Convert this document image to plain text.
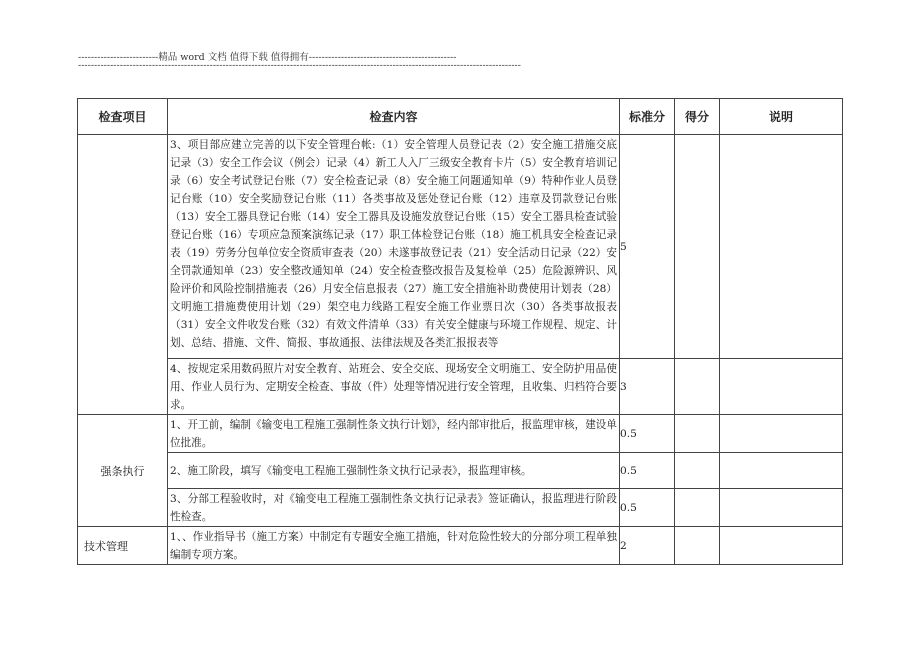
-------------------------精品 word 文档 值得下载 值得拥有----------------------------------------------
------------------------------------------------------------------------------------------------------------------------------------------
检查项目	检查内容	标准分	得分	说明
	3、项目部应建立完善的以下安全管理台帐:（1）安全管理人员登记表（2）安全施工措施交底记录（3）安全工作会议（例会）记录（4）新工人入厂三级安全教育卡片（5）安全教育培训记录（6）安全考试登记台账（7）安全检查记录（8）安全施工问题通知单（9）特种作业人员登记台账（10）安全奖励登记台账（11）各类事故及惩处登记台账（12）违章及罚款登记台账（13）安全工器具登记台账（14）安全工器具及设施发放登记台账（15）安全工器具检查试验登记台账（16）专项应急预案演练记录（17）职工体检登记台账（18）施工机具安全检查记录表（19）劳务分包单位安全资质审查表（20）未遂事故登记表（21）安全活动日记录（22）安全罚款通知单（23）安全整改通知单（24）安全检查整改报告及复检单（25）危险源辨识、风险评价和风险控制措施表（26）月安全信息报表（27）施工安全措施补助费使用计划表（28）文明施工措施费使用计划（29）架空电力线路工程安全施工作业票日次（30）各类事故报表（31）安全文件收发台账（32）有效文件清单（33）有关安全健康与环境工作规程、规定、计划、总结、措施、文件、简报、事故通报、法律法规及各类汇报报表等	5		
	4、按规定采用数码照片对安全教育、站班会、安全交底、现场安全文明施工、安全防护用品使用、作业人员行为、定期安全检查、事故（件）处理等情况进行安全管理，且收集、归档符合要求。	3		
强条执行	1、开工前，编制《输变电工程施工强制性条文执行计划》，经内部审批后，报监理审核，建设单位批准。	0.5		
	2、施工阶段，填写《输变电工程施工强制性条文执行记录表》，报监理审核。	0.5		
	3、分部工程验收时，对《输变电工程施工强制性条文执行记录表》签证确认，报监理进行阶段性检查。	0.5		
技术管理	1、、作业指导书（施工方案）中制定有专题安全施工措施，针对危险性较大的分部分项工程单独编制专项方案。	2		
